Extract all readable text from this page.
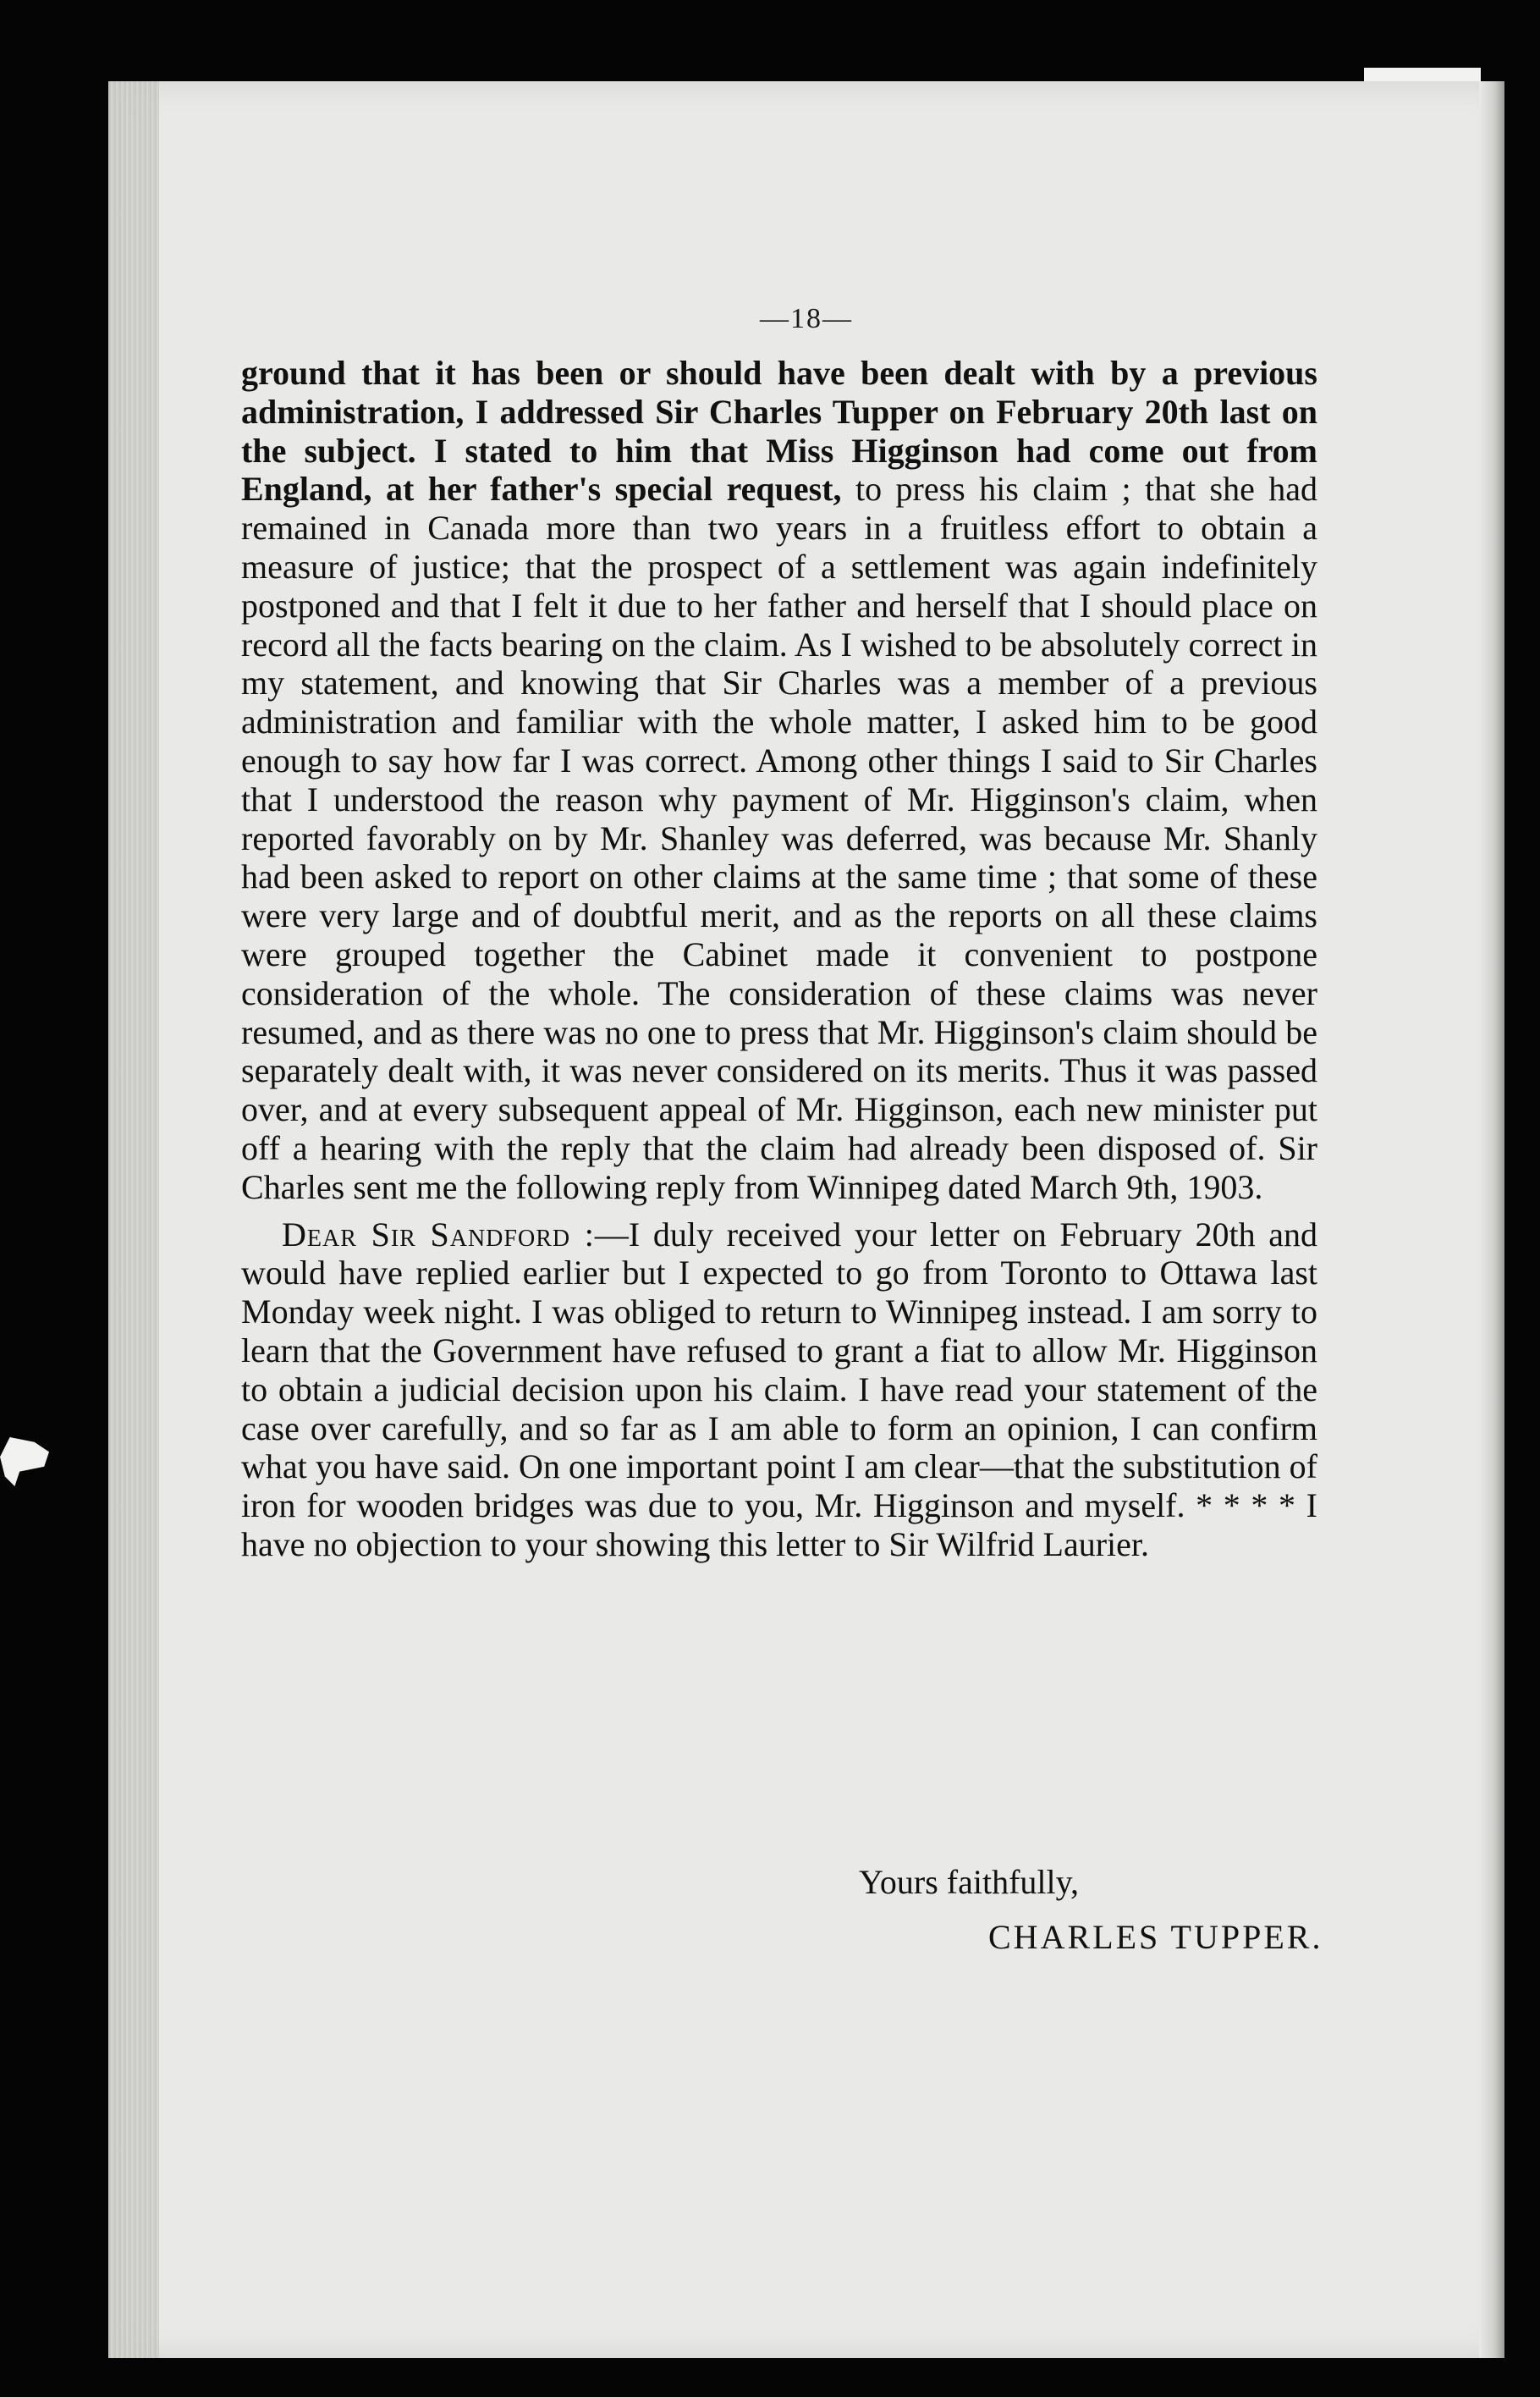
—18—

ground that it has been or should have been dealt with by a previous administration, I addressed Sir Charles Tupper on February 20th last on the subject. I stated to him that Miss Higginson had come out from England, at her father's special request, to press his claim ; that she had remained in Canada more than two years in a fruitless effort to obtain a measure of justice; that the prospect of a settlement was again indefinitely postponed and that I felt it due to her father and herself that I should place on record all the facts bearing on the claim. As I wished to be absolutely correct in my statement, and knowing that Sir Charles was a member of a previous administration and familiar with the whole matter, I asked him to be good enough to say how far I was correct. Among other things I said to Sir Charles that I understood the reason why payment of Mr. Higginson's claim, when reported favorably on by Mr. Shanley was deferred, was because Mr. Shanly had been asked to report on other claims at the same time ; that some of these were very large and of doubtful merit, and as the reports on all these claims were grouped together the Cabinet made it convenient to postpone consideration of the whole. The consideration of these claims was never resumed, and as there was no one to press that Mr. Higginson's claim should be separately dealt with, it was never considered on its merits. Thus it was passed over, and at every subsequent appeal of Mr. Higginson, each new minister put off a hearing with the reply that the claim had already been disposed of. Sir Charles sent me the following reply from Winnipeg dated March 9th, 1903.

Dear Sir Sandford :—I duly received your letter on February 20th and would have replied earlier but I expected to go from Toronto to Ottawa last Monday week night. I was obliged to return to Winnipeg instead. I am sorry to learn that the Government have refused to grant a fiat to allow Mr. Higginson to obtain a judicial decision upon his claim. I have read your statement of the case over carefully, and so far as I am able to form an opinion, I can confirm what you have said. On one important point I am clear—that the substitution of iron for wooden bridges was due to you, Mr. Higginson and myself. * * * * I have no objection to your showing this letter to Sir Wilfrid Laurier.

Yours faithfully,
CHARLES TUPPER.
